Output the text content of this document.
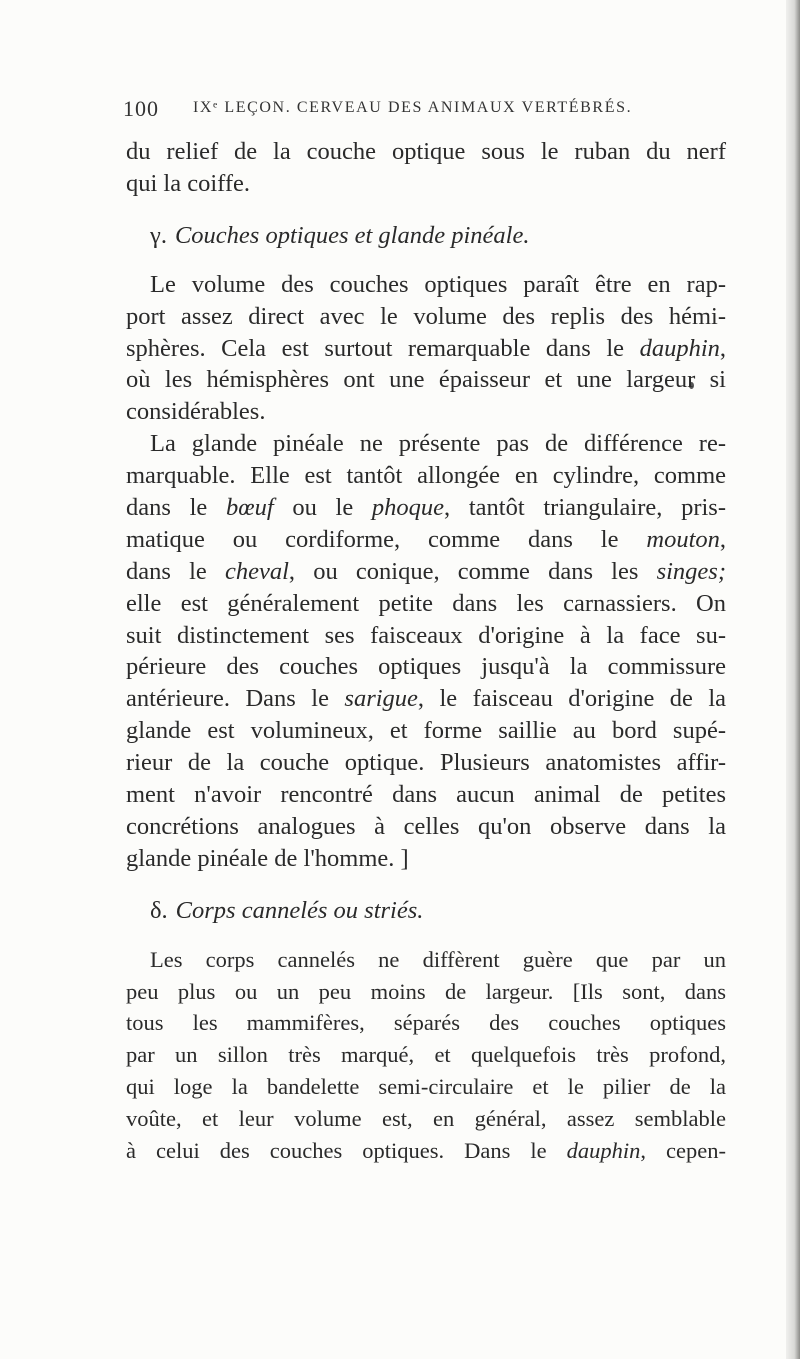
100 IXᵉ LEÇON. CERVEAU DES ANIMAUX VERTÉBRÉS.
du relief de la couche optique sous le ruban du nerf
qui la coiffe.
γ. Couches optiques et glande pinéale.
Le volume des couches optiques paraît être en rap-
port assez direct avec le volume des replis des hémi-
sphères. Cela est surtout remarquable dans le dauphin,
où les hémisphères ont une épaisseur et une largeur si
considérables.
La glande pinéale ne présente pas de différence re-
marquable. Elle est tantôt allongée en cylindre, comme
dans le bœuf ou le phoque, tantôt triangulaire, pris-
matique ou cordiforme, comme dans le mouton,
dans le cheval, ou conique, comme dans les singes;
elle est généralement petite dans les carnassiers. On
suit distinctement ses faisceaux d'origine à la face su-
périeure des couches optiques jusqu'à la commissure
antérieure. Dans le sarigue, le faisceau d'origine de la
glande est volumineux, et forme saillie au bord supé-
rieur de la couche optique. Plusieurs anatomistes affir-
ment n'avoir rencontré dans aucun animal de petites
concrétions analogues à celles qu'on observe dans la
glande pinéale de l'homme. ]
δ. Corps cannelés ou striés.
Les corps cannelés ne diffèrent guère que par un
peu plus ou un peu moins de largeur. [Ils sont, dans
tous les mammifères, séparés des couches optiques
par un sillon très marqué, et quelquefois très profond,
qui loge la bandelette semi-circulaire et le pilier de la
voûte, et leur volume est, en général, assez semblable
à celui des couches optiques. Dans le dauphin, cepen-
